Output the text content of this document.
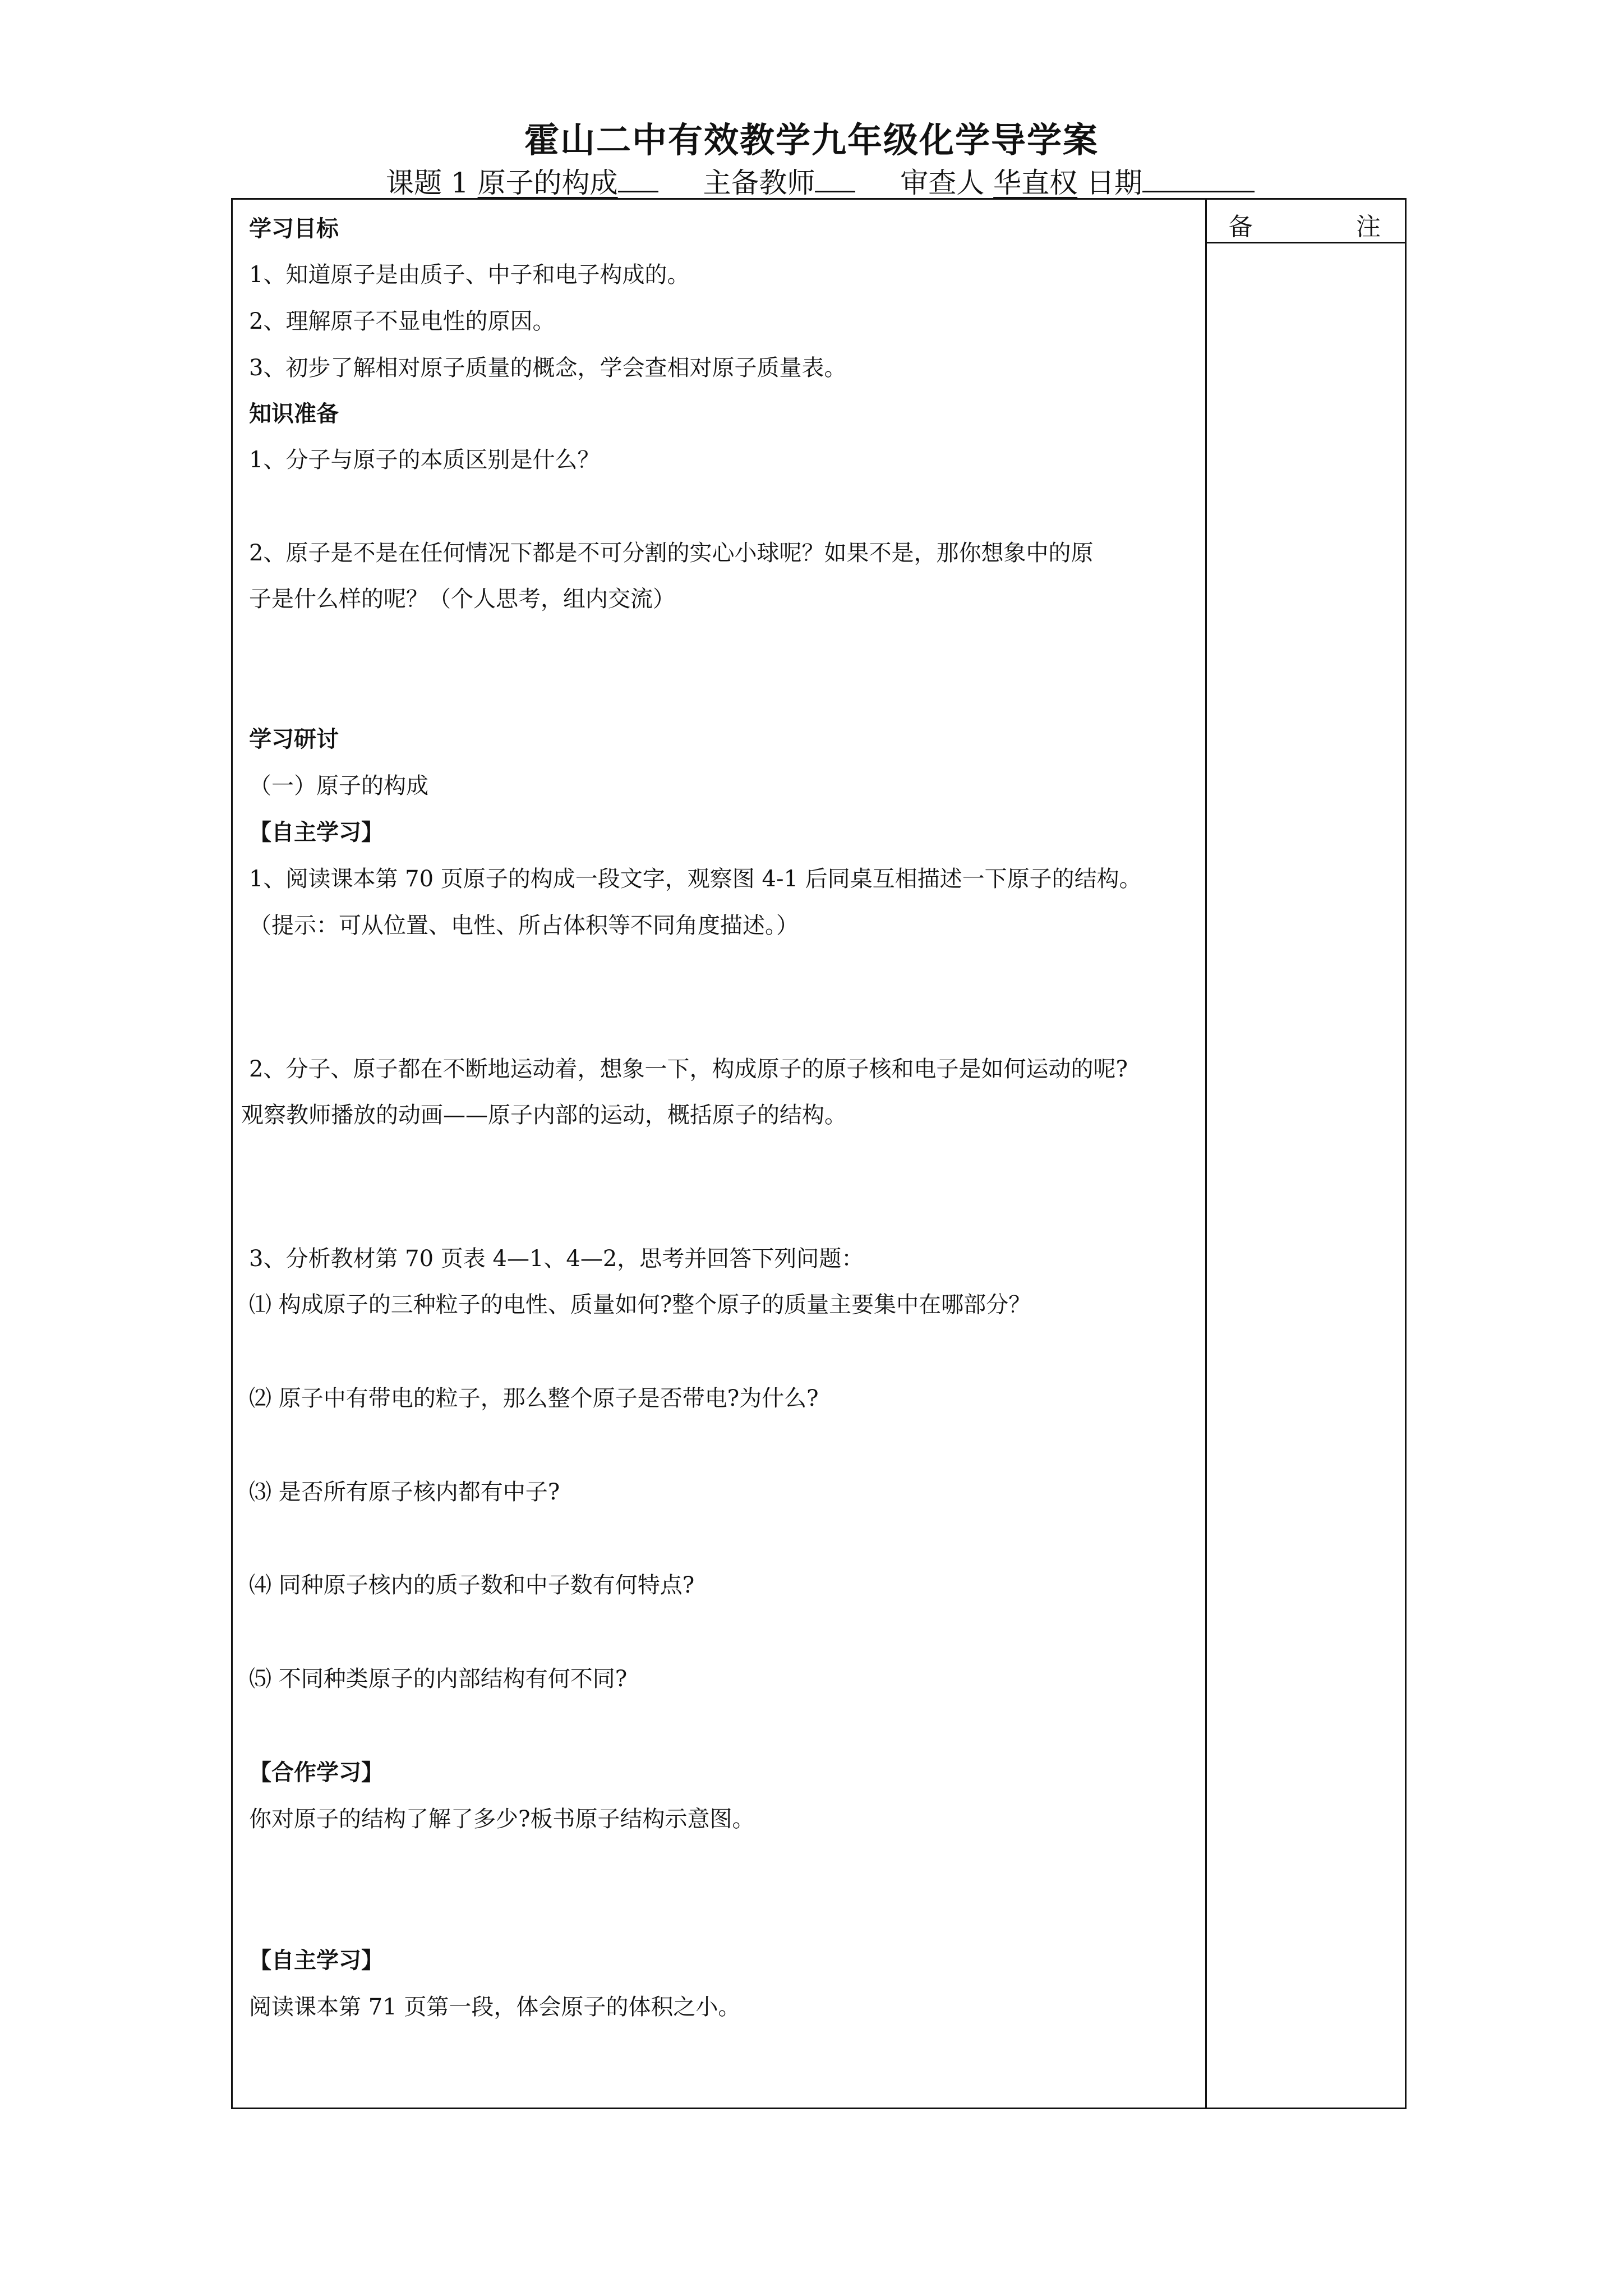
霍山二中有效教学九年级化学导学案
课题 1 原子的构成	主备教师	审查人 华直权 日期
备	注
学习目标
1、知道原子是由质子、中子和电子构成的。
2、理解原子不显电性的原因。
3、初步了解相对原子质量的概念，学会查相对原子质量表。
知识准备
1、分子与原子的本质区别是什么？
2、原子是不是在任何情况下都是不可分割的实心小球呢？如果不是，那你想象中的原
子是什么样的呢？（个人思考，组内交流）
学习研讨
（一）原子的构成
【自主学习】
1、阅读课本第 70 页原子的构成一段文字，观察图 4-1 后同桌互相描述一下原子的结构。
（提示：可从位置、电性、所占体积等不同角度描述。）
2、分子、原子都在不断地运动着，想象一下，构成原子的原子核和电子是如何运动的呢?
观察教师播放的动画——原子内部的运动，概括原子的结构。
3、分析教材第 70 页表 4—1、4—2，思考并回答下列问题：
⑴ 构成原子的三种粒子的电性、质量如何?整个原子的质量主要集中在哪部分？
⑵ 原子中有带电的粒子，那么整个原子是否带电?为什么?
⑶ 是否所有原子核内都有中子?
⑷ 同种原子核内的质子数和中子数有何特点?
⑸ 不同种类原子的内部结构有何不同?
【合作学习】
你对原子的结构了解了多少?板书原子结构示意图。
【自主学习】
阅读课本第 71 页第一段，体会原子的体积之小。
